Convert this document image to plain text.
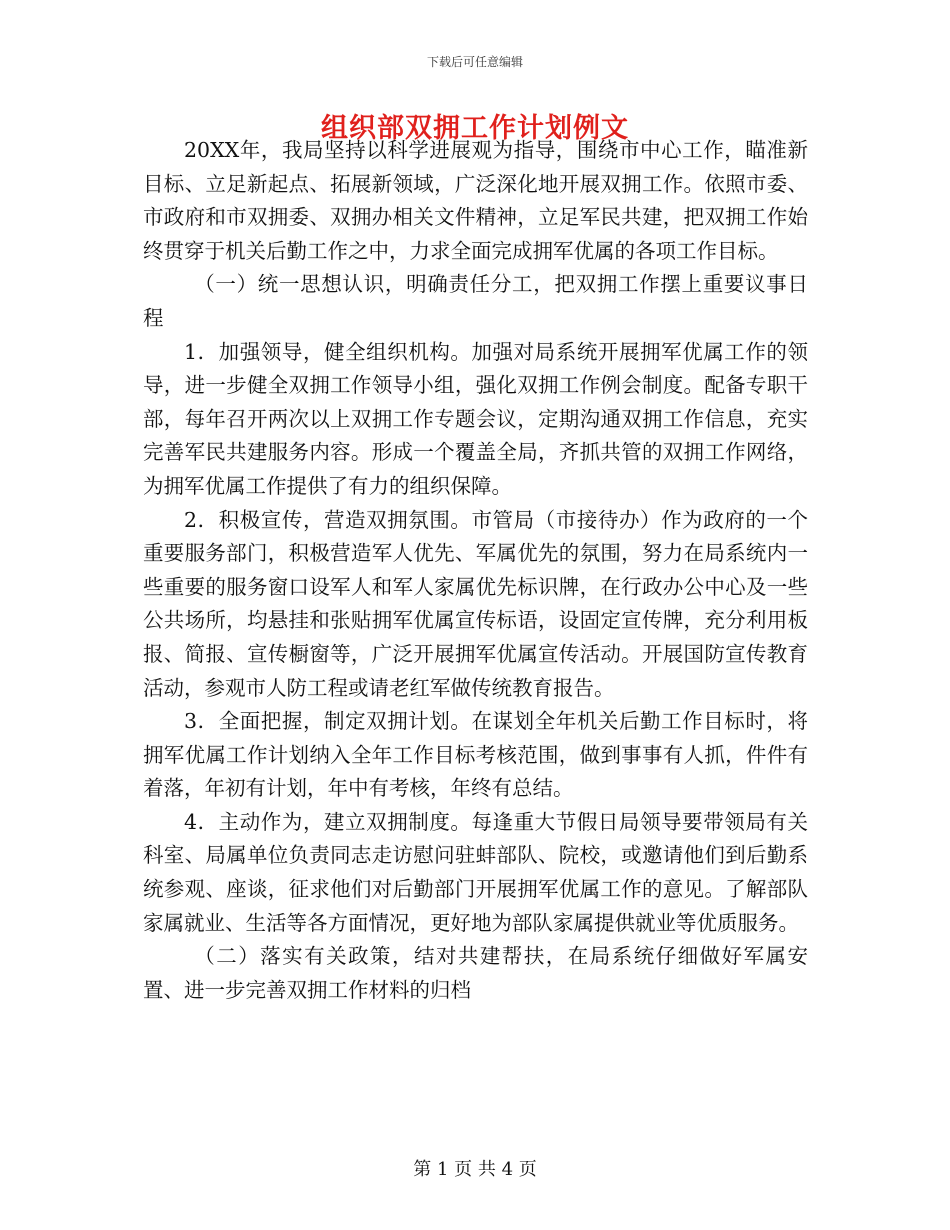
下载后可任意编辑
组织部双拥工作计划例文

20XX年，我局坚持以科学进展观为指导，围绕市中心工作，瞄准新目标、立足新起点、拓展新领域，广泛深化地开展双拥工作。依照市委、市政府和市双拥委、双拥办相关文件精神，立足军民共建，把双拥工作始终贯穿于机关后勤工作之中，力求全面完成拥军优属的各项工作目标。

（一）统一思想认识，明确责任分工，把双拥工作摆上重要议事日程

1．加强领导，健全组织机构。加强对局系统开展拥军优属工作的领导，进一步健全双拥工作领导小组，强化双拥工作例会制度。配备专职干部，每年召开两次以上双拥工作专题会议，定期沟通双拥工作信息，充实完善军民共建服务内容。形成一个覆盖全局，齐抓共管的双拥工作网络，为拥军优属工作提供了有力的组织保障。

2．积极宣传，营造双拥氛围。市管局（市接待办）作为政府的一个重要服务部门，积极营造军人优先、军属优先的氛围，努力在局系统内一些重要的服务窗口设军人和军人家属优先标识牌，在行政办公中心及一些公共场所，均悬挂和张贴拥军优属宣传标语，设固定宣传牌，充分利用板报、简报、宣传橱窗等，广泛开展拥军优属宣传活动。开展国防宣传教育活动，参观市人防工程或请老红军做传统教育报告。

3．全面把握，制定双拥计划。在谋划全年机关后勤工作目标时，将拥军优属工作计划纳入全年工作目标考核范围，做到事事有人抓，件件有着落，年初有计划，年中有考核，年终有总结。

4．主动作为，建立双拥制度。每逢重大节假日局领导要带领局有关科室、局属单位负责同志走访慰问驻蚌部队、院校，或邀请他们到后勤系统参观、座谈，征求他们对后勤部门开展拥军优属工作的意见。了解部队家属就业、生活等各方面情况，更好地为部队家属提供就业等优质服务。

（二）落实有关政策，结对共建帮扶，在局系统仔细做好军属安置、进一步完善双拥工作材料的归档

第 1 页 共 4 页
